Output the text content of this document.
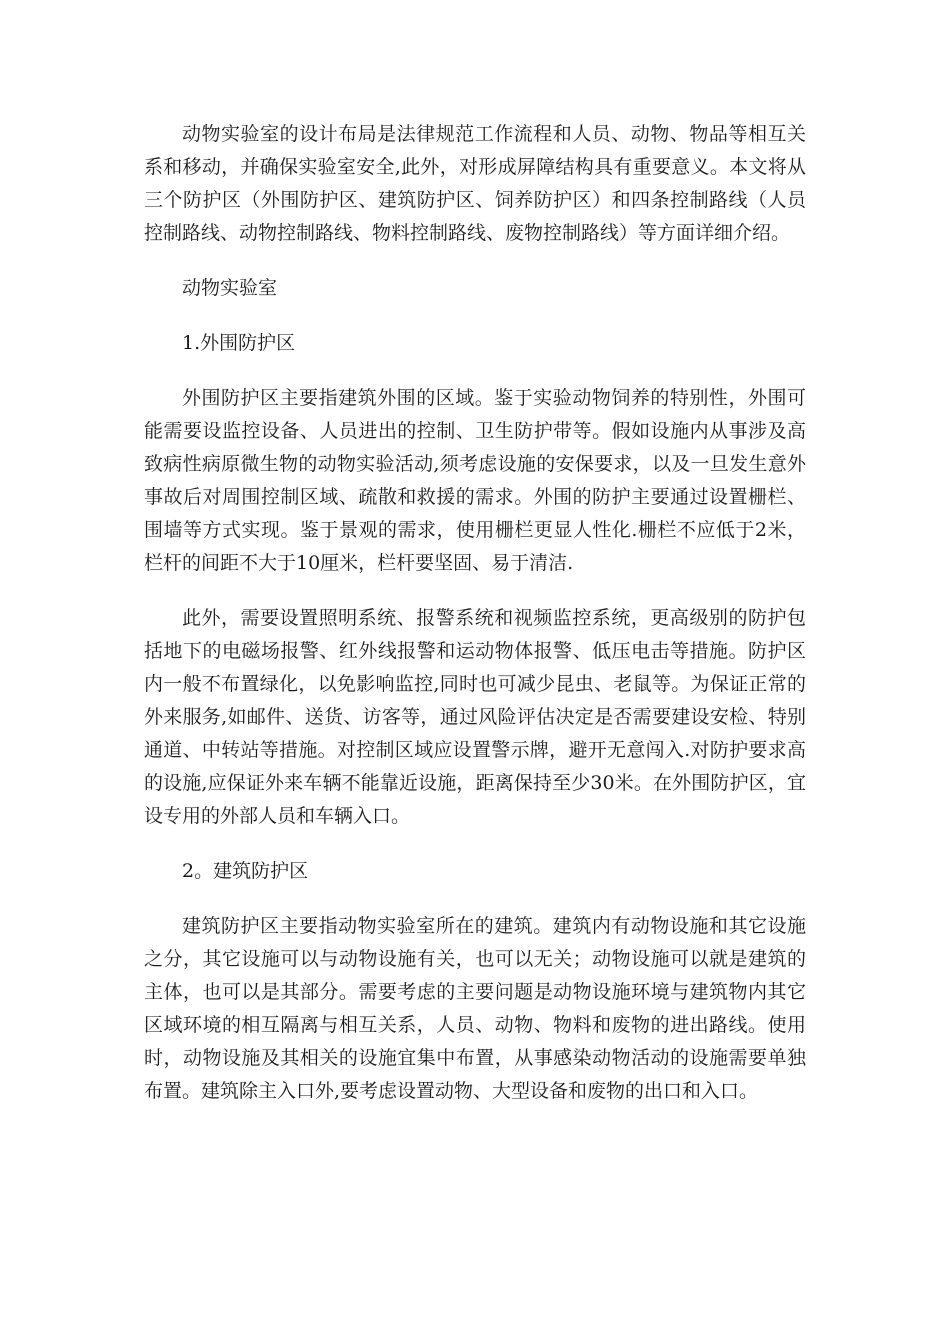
动物实验室的设计布局是法律规范工作流程和人员、动物、物品等相互关系和移动，并确保实验室安全,此外，对形成屏障结构具有重要意义。本文将从三个防护区（外围防护区、建筑防护区、饲养防护区）和四条控制路线（人员控制路线、动物控制路线、物料控制路线、废物控制路线）等方面详细介绍。

动物实验室

1.外围防护区

外围防护区主要指建筑外围的区域。鉴于实验动物饲养的特别性，外围可能需要设监控设备、人员进出的控制、卫生防护带等。假如设施内从事涉及高致病性病原微生物的动物实验活动,须考虑设施的安保要求，以及一旦发生意外事故后对周围控制区域、疏散和救援的需求。外围的防护主要通过设置栅栏、围墙等方式实现。鉴于景观的需求，使用栅栏更显人性化.栅栏不应低于2米，栏杆的间距不大于10厘米，栏杆要坚固、易于清洁.

此外，需要设置照明系统、报警系统和视频监控系统，更高级别的防护包括地下的电磁场报警、红外线报警和运动物体报警、低压电击等措施。防护区内一般不布置绿化，以免影响监控,同时也可减少昆虫、老鼠等。为保证正常的外来服务,如邮件、送货、访客等，通过风险评估决定是否需要建设安检、特别通道、中转站等措施。对控制区域应设置警示牌，避开无意闯入.对防护要求高的设施,应保证外来车辆不能靠近设施，距离保持至少30米。在外围防护区，宜设专用的外部人员和车辆入口。

2。建筑防护区

建筑防护区主要指动物实验室所在的建筑。建筑内有动物设施和其它设施之分，其它设施可以与动物设施有关，也可以无关；动物设施可以就是建筑的主体，也可以是其部分。需要考虑的主要问题是动物设施环境与建筑物内其它区域环境的相互隔离与相互关系，人员、动物、物料和废物的进出路线。使用时，动物设施及其相关的设施宜集中布置，从事感染动物活动的设施需要单独布置。建筑除主入口外,要考虑设置动物、大型设备和废物的出口和入口。
